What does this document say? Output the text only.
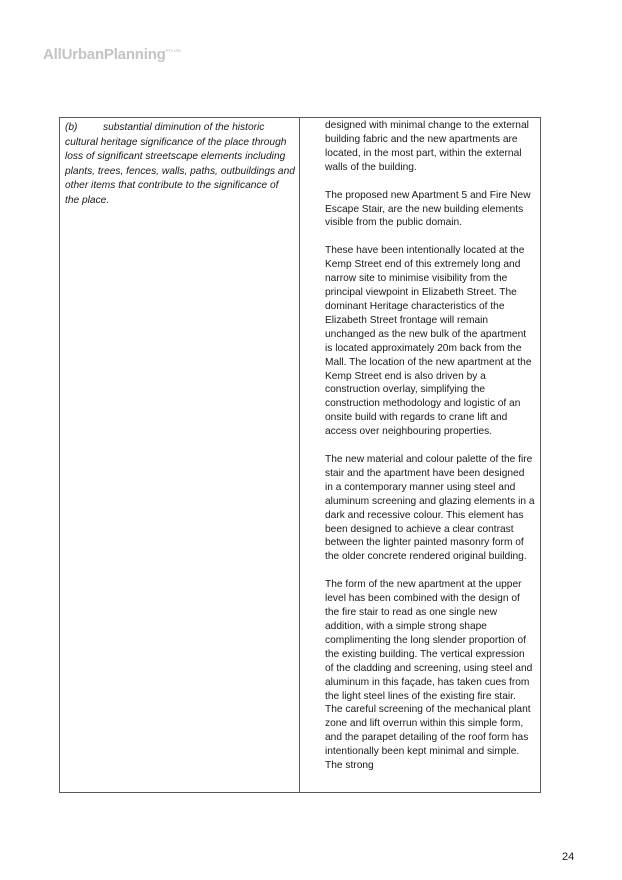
AllUrbanPlanning$^{PTY LTD}$

(b)	substantial diminution of the historic cultural heritage significance of the place through loss of significant streetscape elements including plants, trees, fences, walls, paths, outbuildings and other items that contribute to the significance of the place.

designed with minimal change to the external building fabric and the new apartments are located, in the most part, within the external walls of the building.

The proposed new Apartment 5 and Fire New Escape Stair, are the new building elements visible from the public domain.

These have been intentionally located at the Kemp Street end of this extremely long and narrow site to minimise visibility from the principal viewpoint in Elizabeth Street. The dominant Heritage characteristics of the Elizabeth Street frontage will remain unchanged as the new bulk of the apartment is located approximately 20m back from the Mall. The location of the new apartment at the Kemp Street end is also driven by a construction overlay, simplifying the construction methodology and logistic of an onsite build with regards to crane lift and access over neighbouring properties.

The new material and colour palette of the fire stair and the apartment have been designed in a contemporary manner using steel and aluminum screening and glazing elements in a dark and recessive colour. This element has been designed to achieve a clear contrast between the lighter painted masonry form of the older concrete rendered original building.

The form of the new apartment at the upper level has been combined with the design of the fire stair to read as one single new addition, with a simple strong shape complimenting the long slender proportion of the existing building. The vertical expression of the cladding and screening, using steel and aluminum in this façade, has taken cues from the light steel lines of the existing fire stair. The careful screening of the mechanical plant zone and lift overrun within this simple form, and the parapet detailing of the roof form has intentionally been kept minimal and simple. The strong

24
